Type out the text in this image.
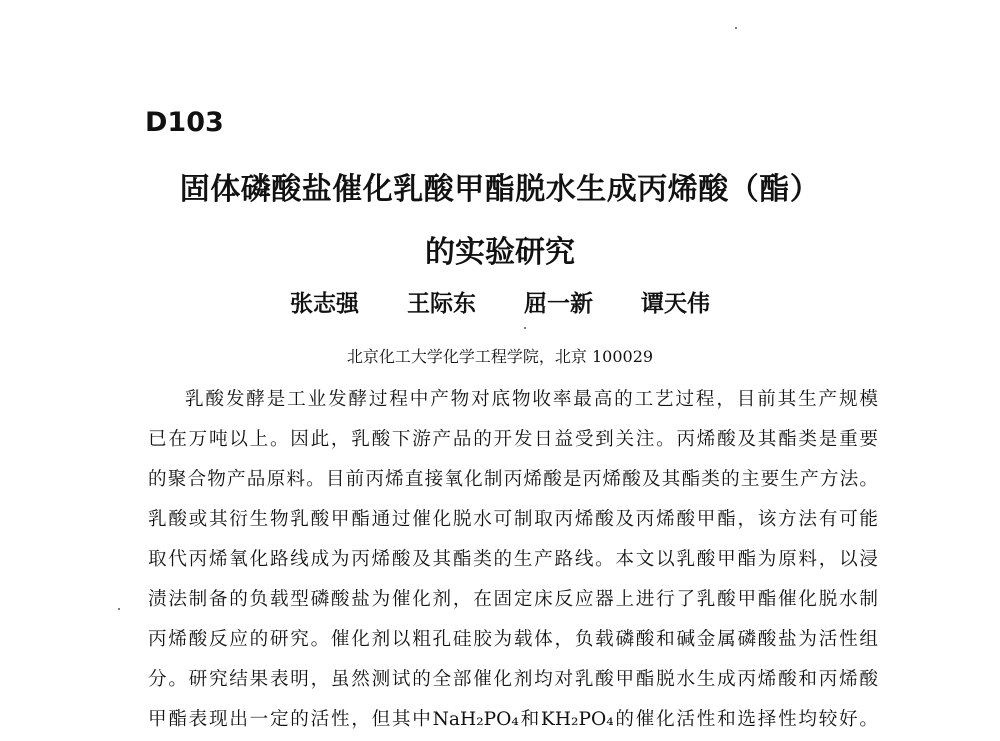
D103
固体磷酸盐催化乳酸甲酯脱水生成丙烯酸（酯）
的实验研究
张志强 王际东 屈一新 谭天伟
北京化工大学化学工程学院，北京 100029
乳酸发酵是工业发酵过程中产物对底物收率最高的工艺过程，目前其生产规模
已在万吨以上。因此，乳酸下游产品的开发日益受到关注。丙烯酸及其酯类是重要
的聚合物产品原料。目前丙烯直接氧化制丙烯酸是丙烯酸及其酯类的主要生产方法。
乳酸或其衍生物乳酸甲酯通过催化脱水可制取丙烯酸及丙烯酸甲酯，该方法有可能
取代丙烯氧化路线成为丙烯酸及其酯类的生产路线。本文以乳酸甲酯为原料，以浸
渍法制备的负载型磷酸盐为催化剂，在固定床反应器上进行了乳酸甲酯催化脱水制
丙烯酸反应的研究。催化剂以粗孔硅胶为载体，负载磷酸和碱金属磷酸盐为活性组
分。研究结果表明，虽然测试的全部催化剂均对乳酸甲酯脱水生成丙烯酸和丙烯酸
甲酯表现出一定的活性，但其中NaH₂PO₄和KH₂PO₄的催化活性和选择性均较好。
